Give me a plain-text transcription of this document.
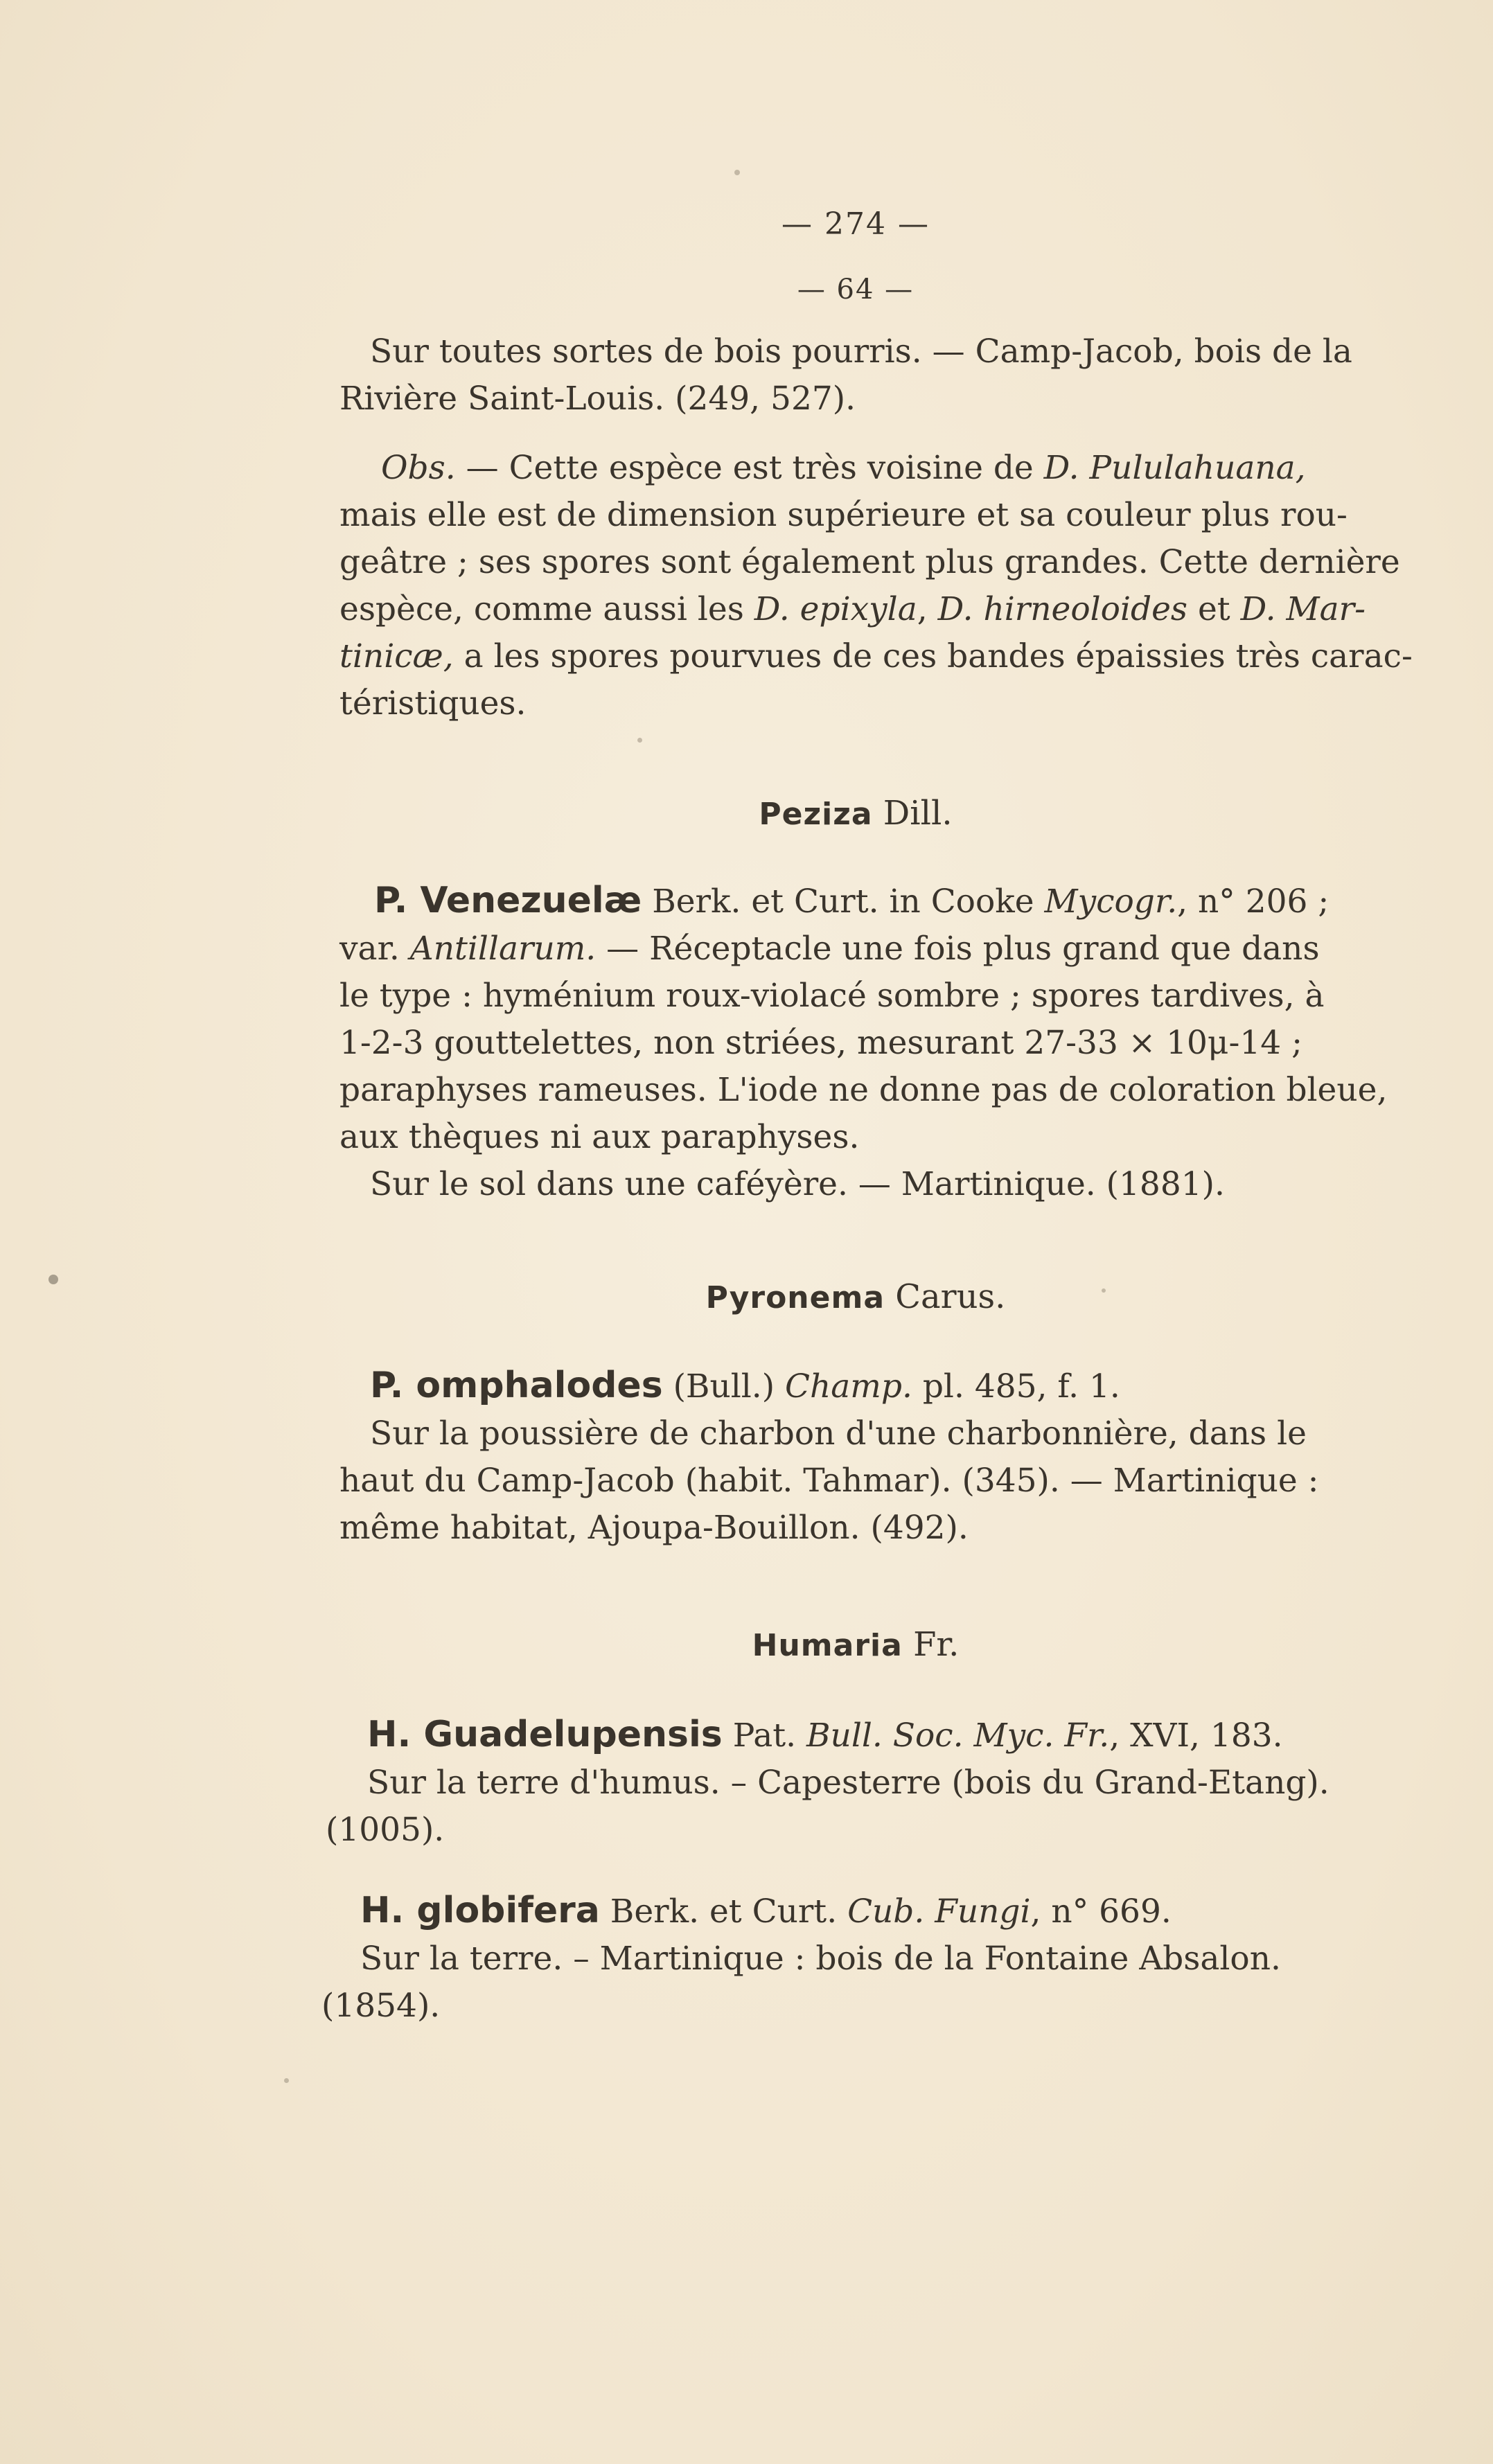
— 274 —
— 64 —
Sur toutes sortes de bois pourris. — Camp-Jacob, bois de la
Rivière Saint-Louis. (249, 527).
Obs. — Cette espèce est très voisine de D. Pululahuana,
mais elle est de dimension supérieure et sa couleur plus rou-
geâtre ; ses spores sont également plus grandes. Cette dernière
espèce, comme aussi les D. epixyla, D. hirneoloides et D. Mar-
tinicæ, a les spores pourvues de ces bandes épaissies très carac-
téristiques.
Peziza Dill.
P. Venezuelæ Berk. et Curt. in Cooke Mycogr., n° 206 ;
var. Antillarum. — Réceptacle une fois plus grand que dans
le type : hyménium roux-violacé sombre ; spores tardives, à
1-2-3 gouttelettes, non striées, mesurant 27-33 × 10μ-14 ;
paraphyses rameuses. L'iode ne donne pas de coloration bleue,
aux thèques ni aux paraphyses.
Sur le sol dans une caféyère. — Martinique. (1881).
Pyronema Carus.
P. omphalodes (Bull.) Champ. pl. 485, f. 1.
Sur la poussière de charbon d'une charbonnière, dans le
haut du Camp-Jacob (habit. Tahmar). (345). — Martinique :
même habitat, Ajoupa-Bouillon. (492).
Humaria Fr.
H. Guadelupensis Pat. Bull. Soc. Myc. Fr., XVI, 183.
Sur la terre d'humus. – Capesterre (bois du Grand-Etang).
(1005).
H. globifera Berk. et Curt. Cub. Fungi, n° 669.
Sur la terre. – Martinique : bois de la Fontaine Absalon.
(1854).
